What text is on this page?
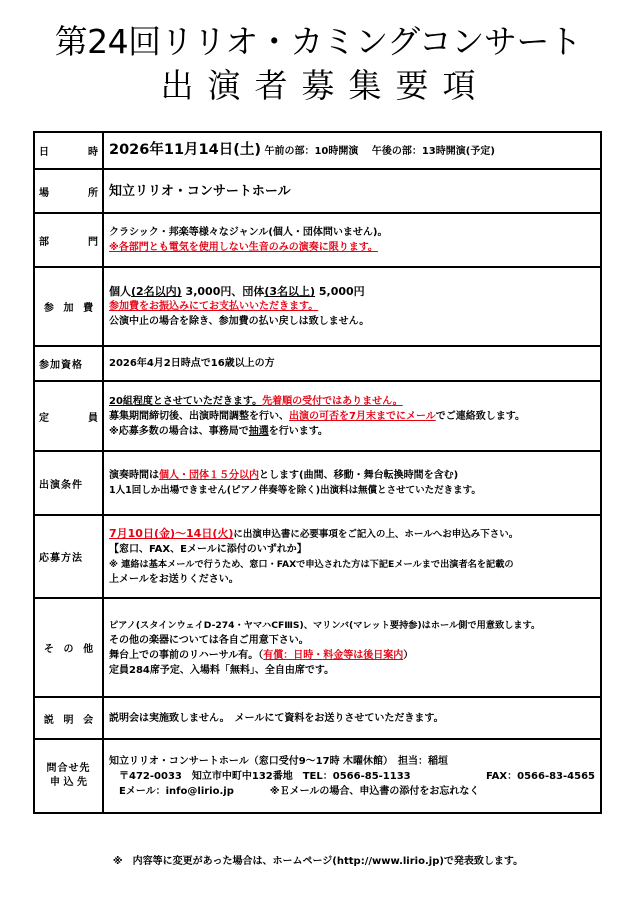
第24回リリオ・カミングコンサート
出演者募集要項
日 時	2026年11月14日(土) 午前の部：10時開演　 午後の部：13時開演(予定)

場 所	知立リリオ・コンサートホール

部 門	クラシック・邦楽等様々なジャンル(個人・団体問いません)。
※各部門とも電気を使用しない生音のみの演奏に限ります。

参 加 費	個人(2名以内) 3,000円、団体(3名以上) 5,000円
参加費をお振込みにてお支払いいただきます。
公演中止の場合を除き、参加費の払い戻しは致しません。

参加資格	2026年4月2日時点で16歳以上の方

定 員	20組程度とさせていただきます。先着順の受付ではありません。
募集期間締切後、出演時間調整を行い、出演の可否を7月末までにメールでご連絡致します。
※応募多数の場合は、事務局で抽選を行います。

出演条件	演奏時間は個人・団体１５分以内とします(曲間、移動・舞台転換時間を含む)
1人1回しか出場できません(ピアノ伴奏等を除く)出演料は無償とさせていただきます。

応募方法	7月10日(金)～14日(火)に出演申込書に必要事項をご記入の上、ホールへお申込み下さい。
【窓口、FAX、Eメールに添付のいずれか】
※ 連絡は基本メールで行うため、窓口・FAXで申込された方は下記Eメールまで出演者名を記載の
上メールをお送りください。

そ の 他	ピアノ(スタインウェイD-274・ヤマハCFⅢS)、マリンバ(マレット要持参)はホール側で用意致します。
その他の楽器については各自ご用意下さい。
舞台上での事前のリハーサル有。（有償：日時・料金等は後日案内）
定員284席予定、入場料「無料」、全自由席です。

説 明 会	説明会は実施致しません。　メールにて資料をお送りさせていただきます。

問合せ先
申 込 先	知立リリオ・コンサートホール（窓口受付9～17時 木曜休館）　担当：稲垣
〒472-0033　知立市中町中132番地　TEL：0566-85-1133 FAX：0566-83-4565
Eメール：info@lirio.jp ※Ｅメールの場合、申込書の添付をお忘れなく
※　内容等に変更があった場合は、ホームページ(http://www.lirio.jp)で発表致します。
